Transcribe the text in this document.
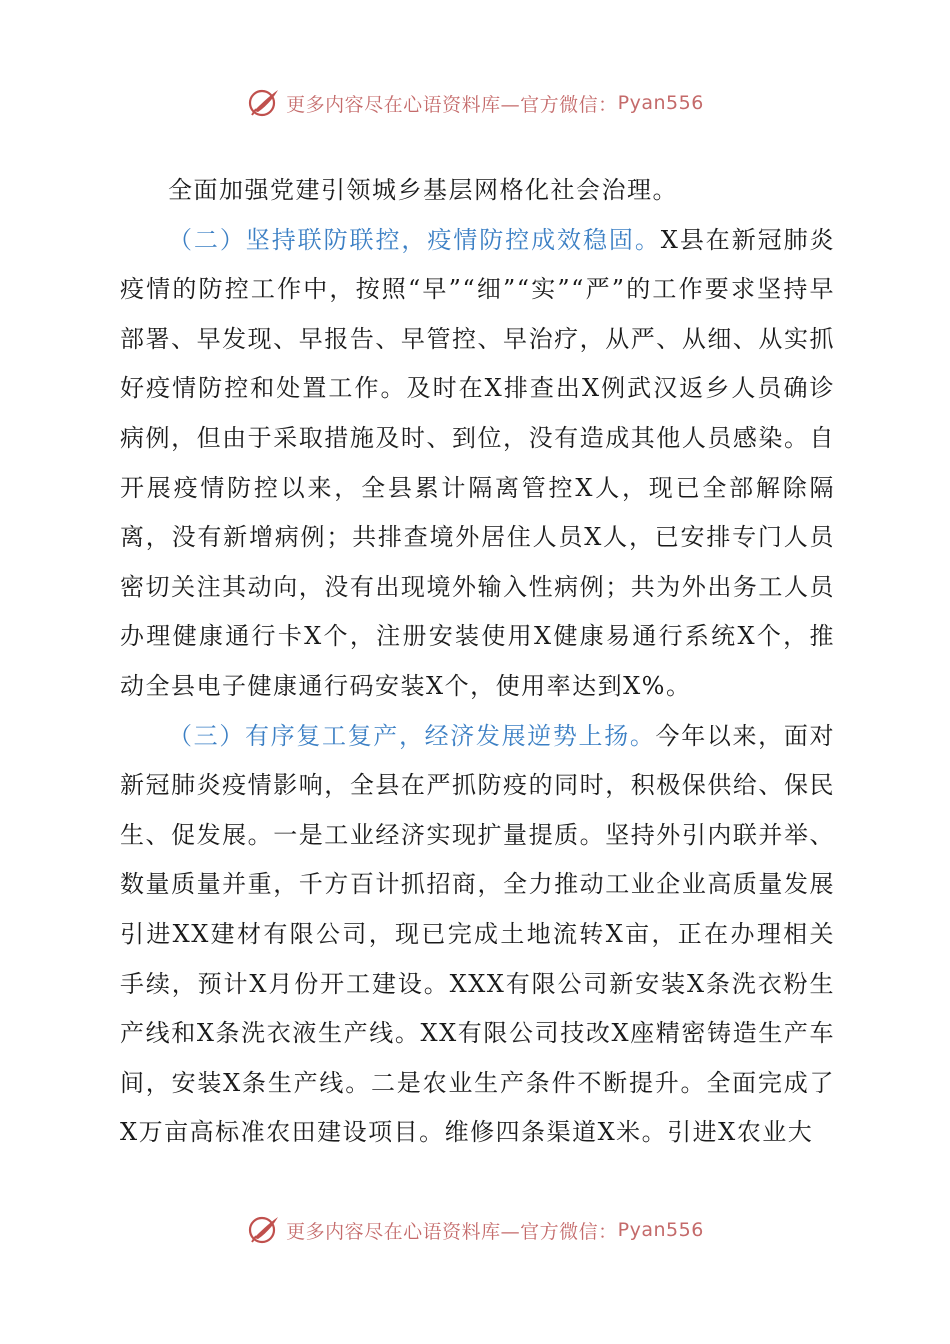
更多内容尽在心语资料库—官方微信： Pyan556

全面加强党建引领城乡基层网格化社会治理。

（二）坚持联防联控，疫情防控成效稳固。X县在新冠肺炎疫情的防控工作中，按照“早”“细”“实”“严”的工作要求坚持早部署、早发现、早报告、早管控、早治疗，从严、从细、从实抓好疫情防控和处置工作。及时在X排查出X例武汉返乡人员确诊病例，但由于采取措施及时、到位，没有造成其他人员感染。自开展疫情防控以来，全县累计隔离管控X人，现已全部解除隔离，没有新增病例；共排查境外居住人员X人，已安排专门人员密切关注其动向，没有出现境外输入性病例；共为外出务工人员办理健康通行卡X个，注册安装使用X健康易通行系统X个，推动全县电子健康通行码安装X个，使用率达到X%。

（三）有序复工复产，经济发展逆势上扬。今年以来，面对新冠肺炎疫情影响，全县在严抓防疫的同时，积极保供给、保民生、促发展。一是工业经济实现扩量提质。坚持外引内联并举、数量质量并重，千方百计抓招商，全力推动工业企业高质量发展引进XX建材有限公司，现已完成土地流转X亩，正在办理相关手续，预计X月份开工建设。XXX有限公司新安装X条洗衣粉生产线和X条洗衣液生产线。XX有限公司技改X座精密铸造生产车间，安装X条生产线。二是农业生产条件不断提升。全面完成了X万亩高标准农田建设项目。维修四条渠道X米。引进X农业大

更多内容尽在心语资料库—官方微信： Pyan556
